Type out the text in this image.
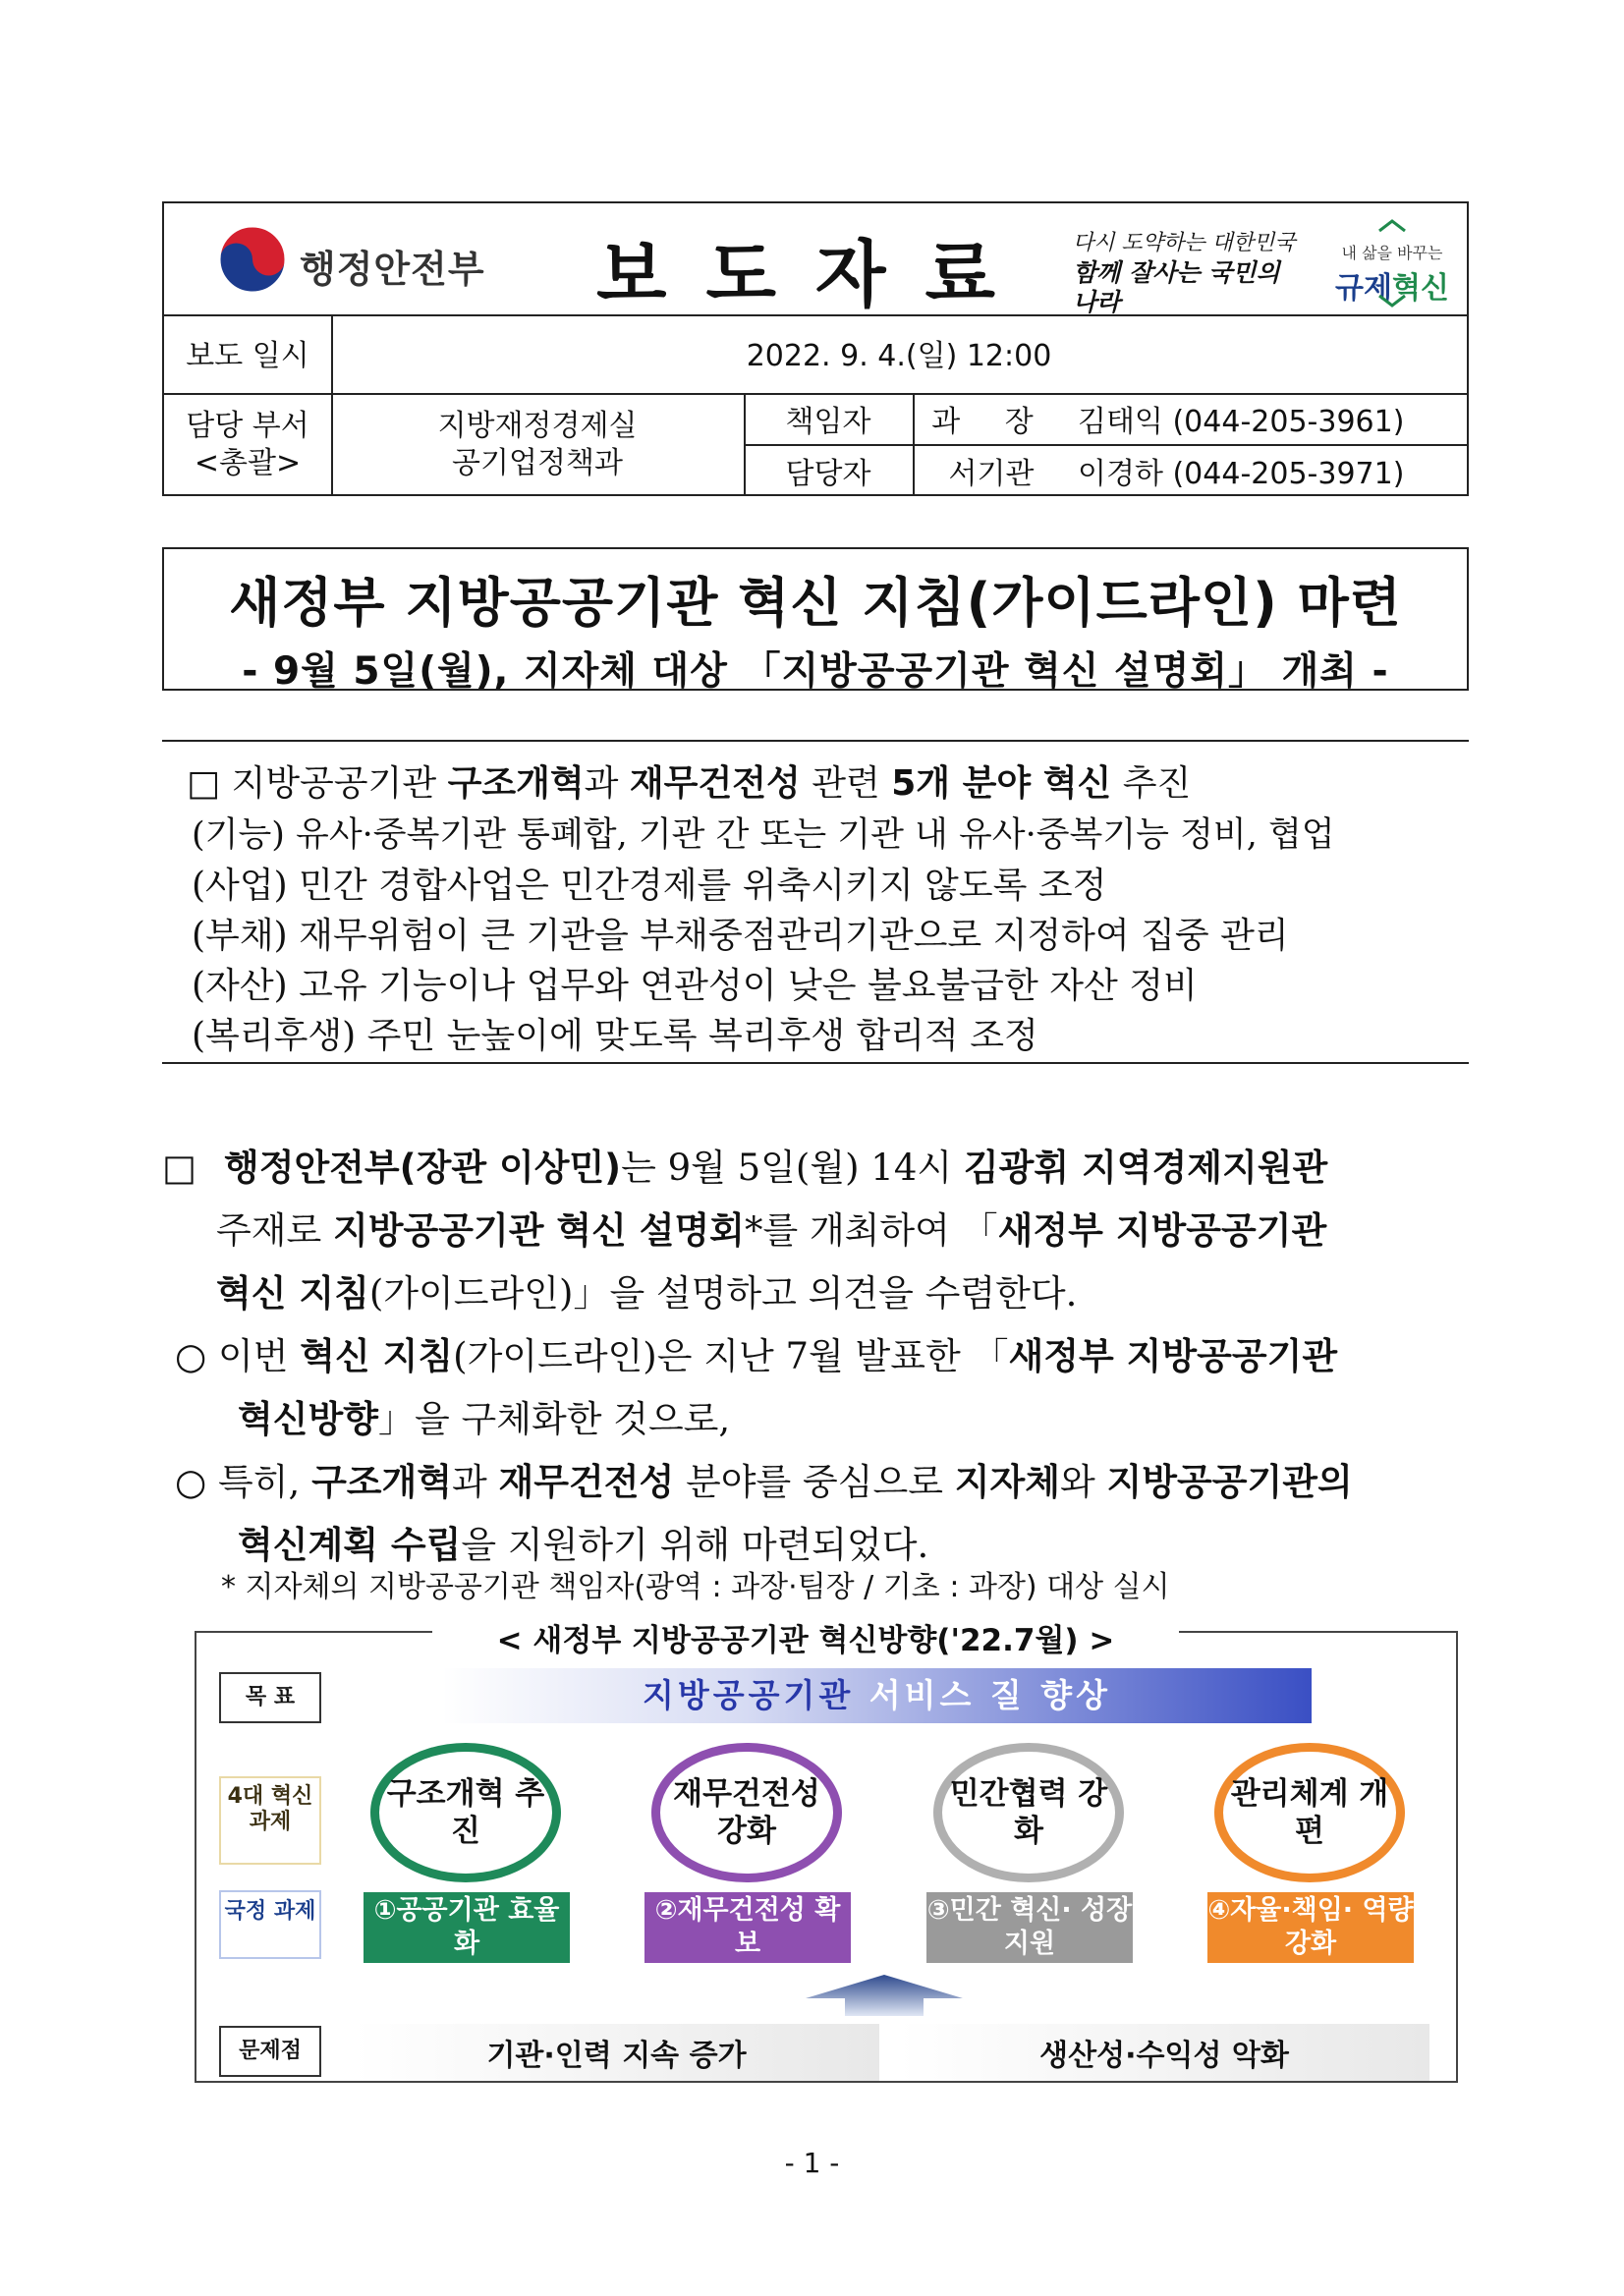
행정안전부 보도자료 다시 도약하는 대한민국
함께 잘사는 국민의 나라
내 삶을 바꾸는
규제혁신
보도 일시	2022. 9. 4.(일) 12:00
담당 부서
<총괄>
지방재정경제실
공기업정책과
책임자
담당자
과 장
서기관
김태익 (044-205-3961)
이경하 (044-205-3971)
새정부 지방공공기관 혁신 지침(가이드라인) 마련
- 9월 5일(월), 지자체 대상 「지방공공기관 혁신 설명회」 개최 -
□ 지방공공기관 구조개혁과 재무건전성 관련 5개 분야 혁신 추진
(기능) 유사·중복기관 통폐합, 기관 간 또는 기관 내 유사·중복기능 정비, 협업
(사업) 민간 경합사업은 민간경제를 위축시키지 않도록 조정
(부채) 재무위험이 큰 기관을 부채중점관리기관으로 지정하여 집중 관리
(자산) 고유 기능이나 업무와 연관성이 낮은 불요불급한 자산 정비
(복리후생) 주민 눈높이에 맞도록 복리후생 합리적 조정
□ 행정안전부(장관 이상민)는 9월 5일(월) 14시 김광휘 지역경제지원관
주재로 지방공공기관 혁신 설명회*를 개최하여 「새정부 지방공공기관
혁신 지침(가이드라인)」을 설명하고 의견을 수렴한다.
○ 이번 혁신 지침(가이드라인)은 지난 7월 발표한 「새정부 지방공공기관
혁신방향」을 구체화한 것으로,
○ 특히, 구조개혁과 재무건전성 분야를 중심으로 지자체와 지방공공기관의
혁신계획 수립을 지원하기 위해 마련되었다.
* 지자체의 지방공공기관 책임자(광역 : 과장·팀장 / 기초 : 과장) 대상 실시
목 표
4대 혁신 과제
국정 과제
문제점
지방공공기관 서비스 질 향상
구조개혁 추진
재무건전성 강화
민간협력 강화
관리체계 개편
①공공기관 효율화
②재무건전성 확보
③민간 혁신· 성장 지원
④자율·책임· 역량 강화
기관·인력 지속 증가	생산성·수익성 악화
< 새정부 지방공공기관 혁신방향('22.7월) >
- 1 -
